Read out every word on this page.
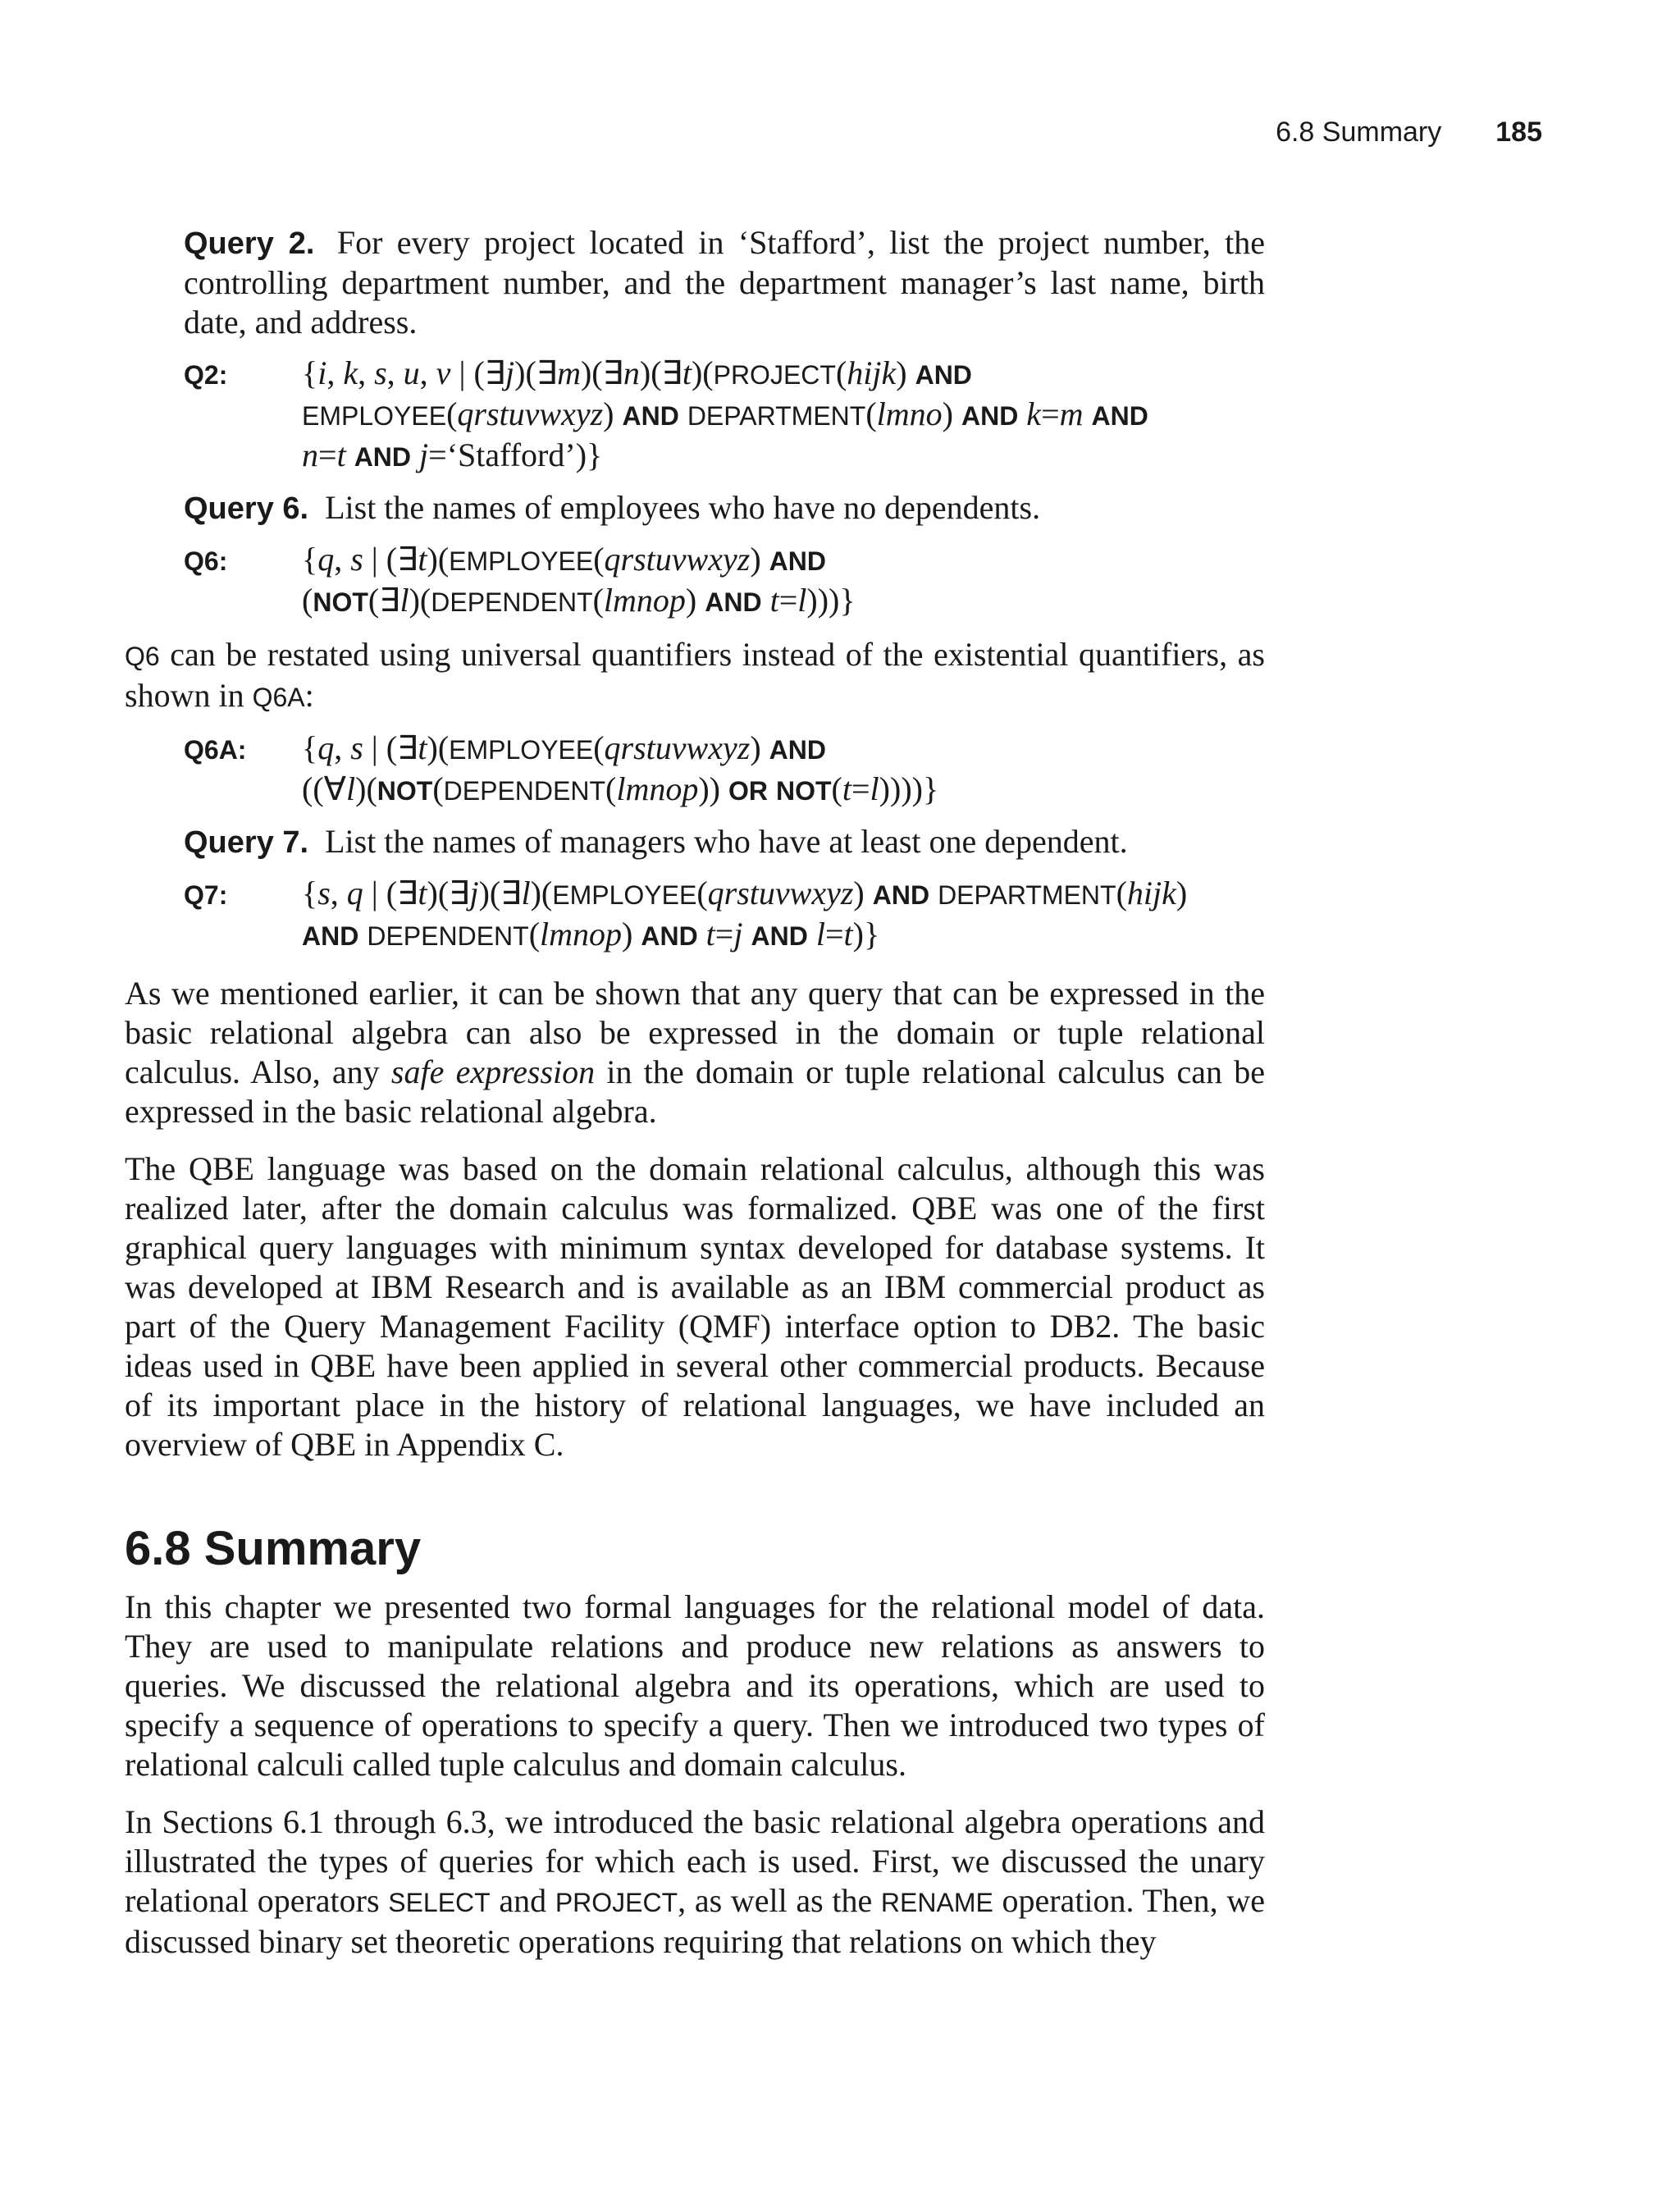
6.8 Summary 185
Query 2. For every project located in ‘Stafford’, list the project number, the controlling department number, and the department manager’s last name, birth date, and address.
Q2:	{i, k, s, u, v | (∃j)(∃m)(∃n)(∃t)(PROJECT(hijk) AND
EMPLOYEE(qrstuvwxyz) AND DEPARTMENT(lmno) AND k=m AND
n=t AND j=‘Stafford’)}
Query 6. List the names of employees who have no dependents.
Q6:	{q, s | (∃t)(EMPLOYEE(qrstuvwxyz) AND
(NOT(∃l)(DEPENDENT(lmnop) AND t=l)))}

Q6 can be restated using universal quantifiers instead of the existential quantifiers, as shown in Q6A:

Q6A:	{q, s | (∃t)(EMPLOYEE(qrstuvwxyz) AND
((∀l)(NOT(DEPENDENT(lmnop)) OR NOT(t=l))))}
Query 7. List the names of managers who have at least one dependent.
Q7:	{s, q | (∃t)(∃j)(∃l)(EMPLOYEE(qrstuvwxyz) AND DEPARTMENT(hijk)
AND DEPENDENT(lmnop) AND t=j AND l=t)}

As we mentioned earlier, it can be shown that any query that can be expressed in the basic relational algebra can also be expressed in the domain or tuple relational calculus. Also, any safe expression in the domain or tuple relational calculus can be expressed in the basic relational algebra.

The QBE language was based on the domain relational calculus, although this was realized later, after the domain calculus was formalized. QBE was one of the first graphical query languages with minimum syntax developed for database systems. It was developed at IBM Research and is available as an IBM commercial product as part of the Query Management Facility (QMF) interface option to DB2. The basic ideas used in QBE have been applied in several other commercial products. Because of its important place in the history of relational languages, we have included an overview of QBE in Appendix C.

6.8 Summary

In this chapter we presented two formal languages for the relational model of data. They are used to manipulate relations and produce new relations as answers to queries. We discussed the relational algebra and its operations, which are used to specify a sequence of operations to specify a query. Then we introduced two types of relational calculi called tuple calculus and domain calculus.

In Sections 6.1 through 6.3, we introduced the basic relational algebra operations and illustrated the types of queries for which each is used. First, we discussed the unary relational operators SELECT and PROJECT, as well as the RENAME operation. Then, we discussed binary set theoretic operations requiring that relations on which they
